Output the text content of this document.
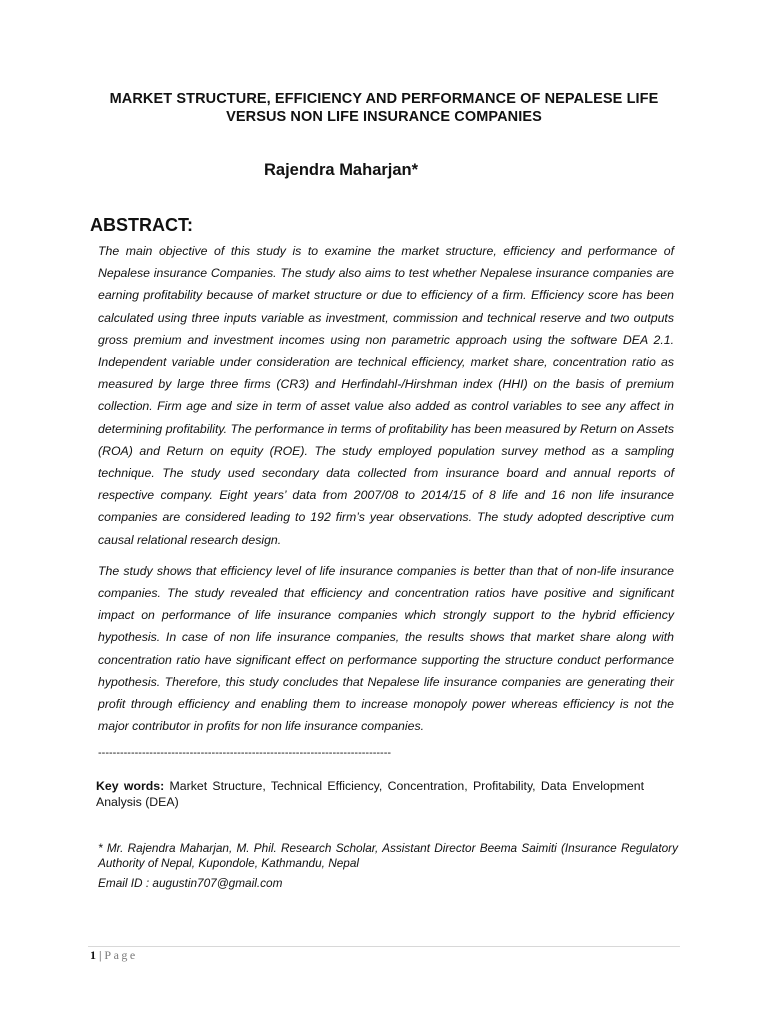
MARKET STRUCTURE, EFFICIENCY AND PERFORMANCE OF NEPALESE LIFE
VERSUS NON LIFE INSURANCE COMPANIES
Rajendra Maharjan*
ABSTRACT:

The main objective of this study is to examine the market structure, efficiency and performance of Nepalese insurance Companies. The study also aims to test whether Nepalese insurance companies are earning profitability because of market structure or due to efficiency of a firm. Efficiency score has been calculated using three inputs variable as investment, commission and technical reserve and two outputs gross premium and investment incomes using non parametric approach using the software DEA 2.1. Independent variable under consideration are technical efficiency, market share, concentration ratio as measured by large three firms (CR3) and Herfindahl-/Hirshman index (HHI) on the basis of premium collection. Firm age and size in term of asset value also added as control variables to see any affect in determining profitability. The performance in terms of profitability has been measured by Return on Assets (ROA) and Return on equity (ROE). The study employed population survey method as a sampling technique. The study used secondary data collected from insurance board and annual reports of respective company. Eight years’ data from 2007/08 to 2014/15 of 8 life and 16 non life insurance companies are considered leading to 192 firm’s year observations. The study adopted descriptive cum causal relational research design.

The study shows that efficiency level of life insurance companies is better than that of non-life insurance companies. The study revealed that efficiency and concentration ratios have positive and significant impact on performance of life insurance companies which strongly support to the hybrid efficiency hypothesis. In case of non life insurance companies, the results shows that market share along with concentration ratio have significant effect on performance supporting the structure conduct performance hypothesis. Therefore, this study concludes that Nepalese life insurance companies are generating their profit through efficiency and enabling them to increase monopoly power whereas efficiency is not the major contributor in profits for non life insurance companies.

--------------------------------------------------------------------------------
Key words: Market Structure, Technical Efficiency, Concentration, Profitability, Data Envelopment Analysis (DEA)
* Mr. Rajendra Maharjan, M. Phil. Research Scholar, Assistant Director Beema Saimiti (Insurance Regulatory Authority of Nepal, Kupondole, Kathmandu, Nepal
Email ID : augustin707@gmail.com
1 | Page
